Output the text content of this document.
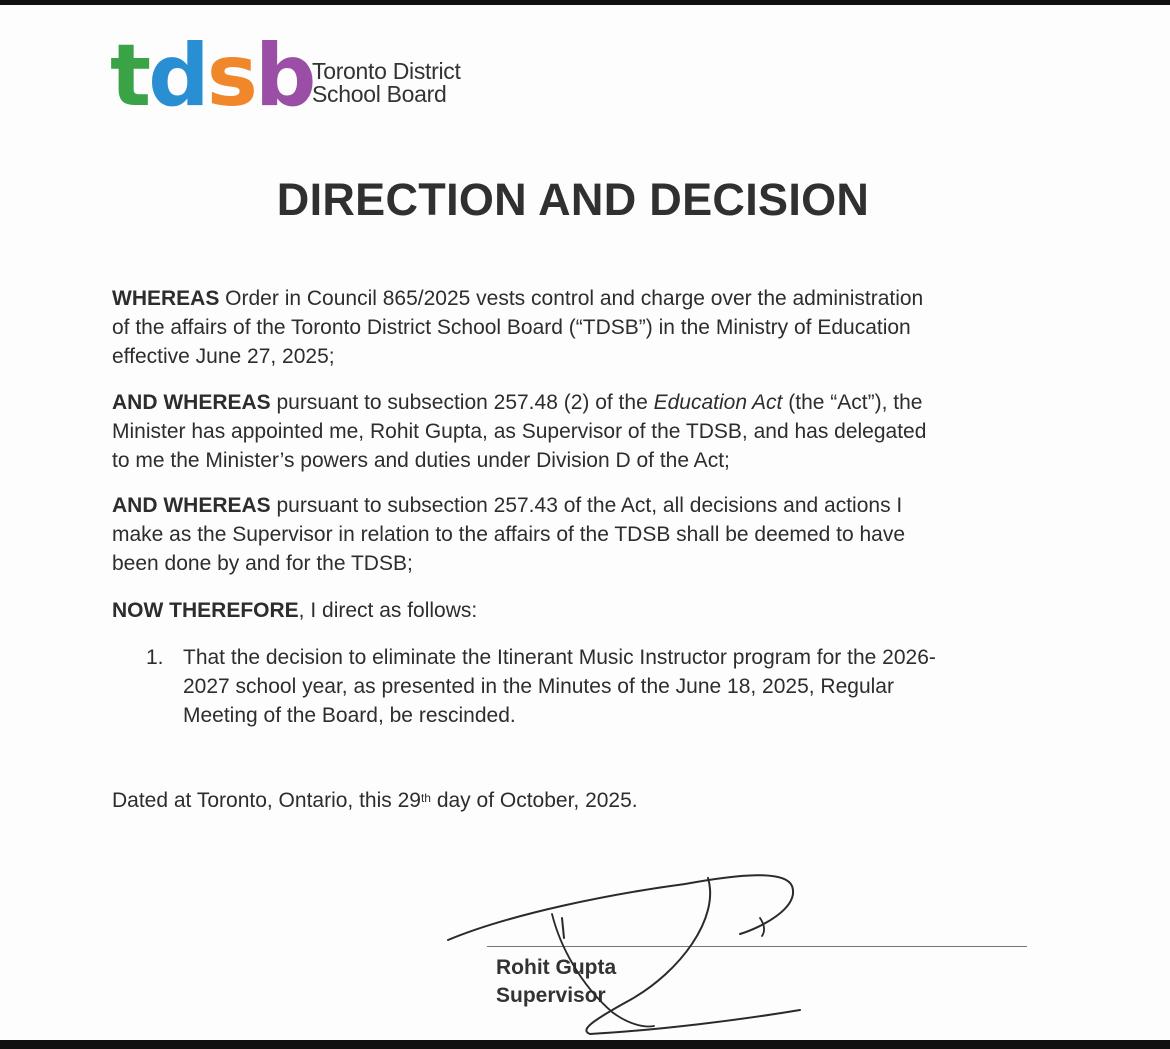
tdsb
Toronto District
School Board
DIRECTION AND DECISION
WHEREAS Order in Council 865/2025 vests control and charge over the administration
of the affairs of the Toronto District School Board (“TDSB”) in the Ministry of Education
effective June 27, 2025;
AND WHEREAS pursuant to subsection 257.48 (2) of the Education Act (the “Act”), the
Minister has appointed me, Rohit Gupta, as Supervisor of the TDSB, and has delegated
to me the Minister’s powers and duties under Division D of the Act;
AND WHEREAS pursuant to subsection 257.43 of the Act, all decisions and actions I
make as the Supervisor in relation to the affairs of the TDSB shall be deemed to have
been done by and for the TDSB;
NOW THEREFORE, I direct as follows:
1. That the decision to eliminate the Itinerant Music Instructor program for the 2026-
2027 school year, as presented in the Minutes of the June 18, 2025, Regular
Meeting of the Board, be rescinded.
Dated at Toronto, Ontario, this 29th day of October, 2025.
Rohit Gupta
Supervisor
